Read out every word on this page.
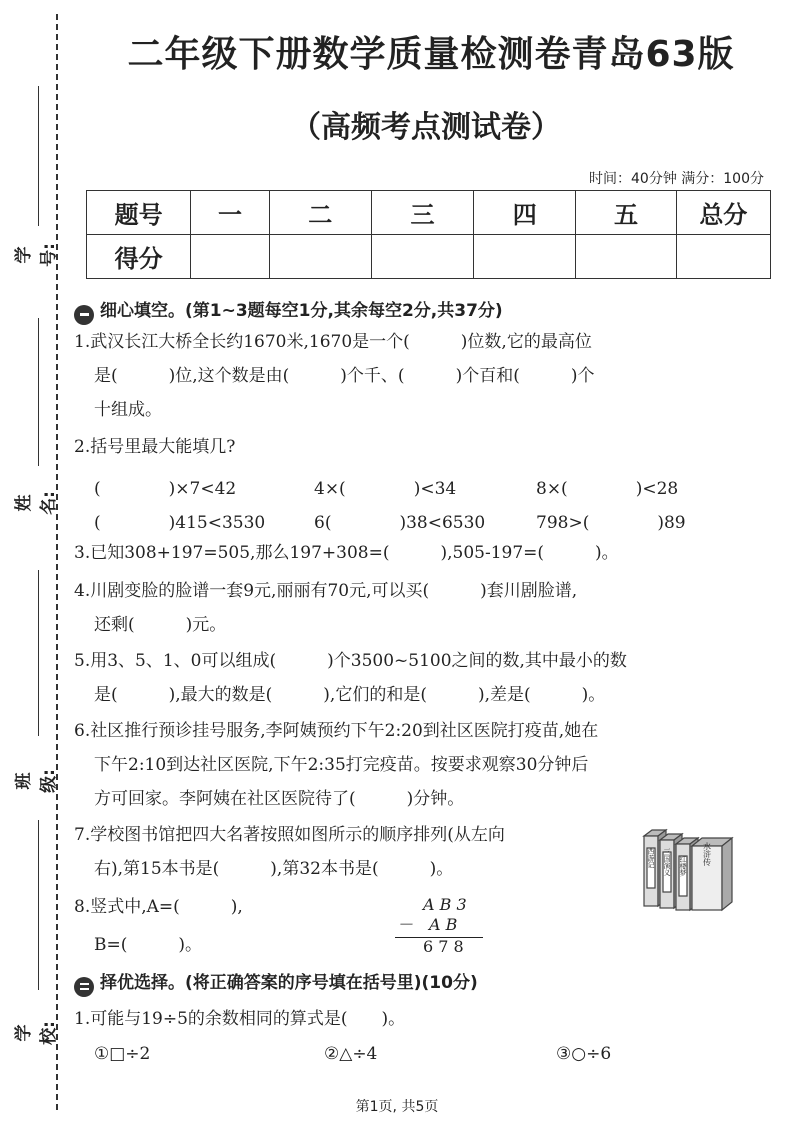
学号:
姓名:
班级:
学校:
二年级下册数学质量检测卷青岛63版
（高频考点测试卷）
时间：40分钟 满分：100分
题号	一	二	三	四	五	总分
得分						
细心填空。(第1~3题每空1分,其余每空2分,共37分)
1.武汉长江大桥全长约1670米,1670是一个(　　　)位数,它的最高位
是(　　　)位,这个数是由(　　　)个千、(　　　)个百和(　　　)个
十组成。
2.括号里最大能填几?
(　　　　)×7<42	4×(　　　　)<34	8×(　　　　)<28
(　　　　)415<3530	6(　　　　)38<6530	798>(　　　　)89
3.已知308+197=505,那么197+308=(　　　),505-197=(　　　)。
4.川剧变脸的脸谱一套9元,丽丽有70元,可以买(　　　)套川剧脸谱,
还剩(　　　)元。
5.用3、5、1、0可以组成(　　　)个3500~5100之间的数,其中最小的数
是(　　　),最大的数是(　　　),它们的和是(　　　),差是(　　　)。
6.社区推行预诊挂号服务,李阿姨预约下午2:20到社区医院打疫苗,她在
下午2:10到达社区医院,下午2:35打完疫苗。按要求观察30分钟后
方可回家。李阿姨在社区医院待了(　　　)分钟。
7.学校图书馆把四大名著按照如图所示的顺序排列(从左向
右),第15本书是(　　　),第32本书是(　　　)。
西游记 三国演义 红楼梦 水浒传
8.竖式中,A=(　　　),
B=(　　　)。
A B 3
－　A B
6 7 8
择优选择。(将正确答案的序号填在括号里)(10分)
1.可能与19÷5的余数相同的算式是(　　)。
①□÷2	②△÷4	③○÷6
第1页, 共5页
